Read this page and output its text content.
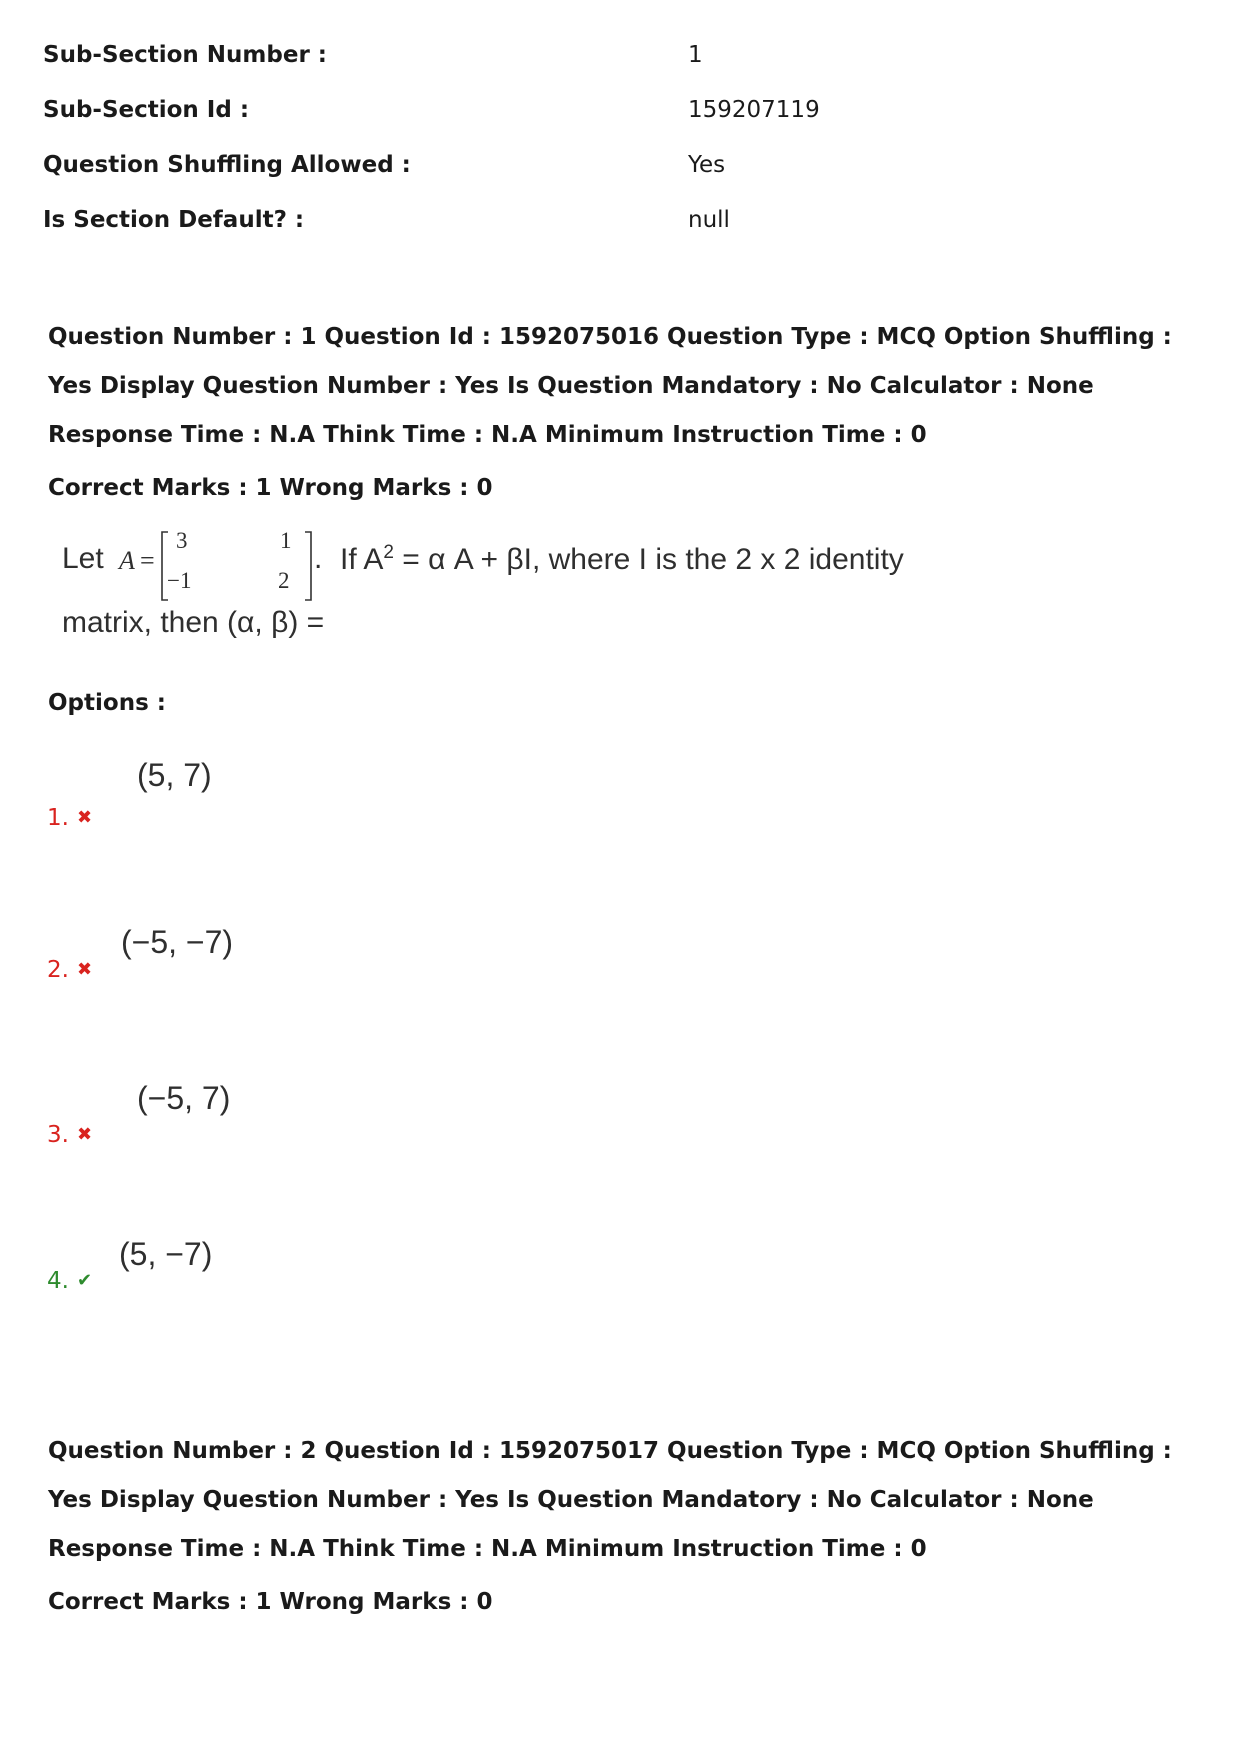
Sub-Section Number :	1
Sub-Section Id :	159207119
Question Shuffling Allowed :	Yes
Is Section Default? :	null
Question Number : 1 Question Id : 1592075016 Question Type : MCQ Option Shuffling : Yes Display Question Number : Yes Is Question Mandatory : No Calculator : None Response Time : N.A Think Time : N.A Minimum Instruction Time : 0
Correct Marks : 1 Wrong Marks : 0
Let A =
3	1
−1	2
. If $A^2 = \alpha$ A + βI, where I is the 2 x 2 identity
matrix, then (α, β) =
Options :
(5, 7)
1. ✖
(−5, −7)
2. ✖
(−5, 7)
3. ✖
(5, −7)
4. ✔
Question Number : 2 Question Id : 1592075017 Question Type : MCQ Option Shuffling : Yes Display Question Number : Yes Is Question Mandatory : No Calculator : None Response Time : N.A Think Time : N.A Minimum Instruction Time : 0
Correct Marks : 1 Wrong Marks : 0
